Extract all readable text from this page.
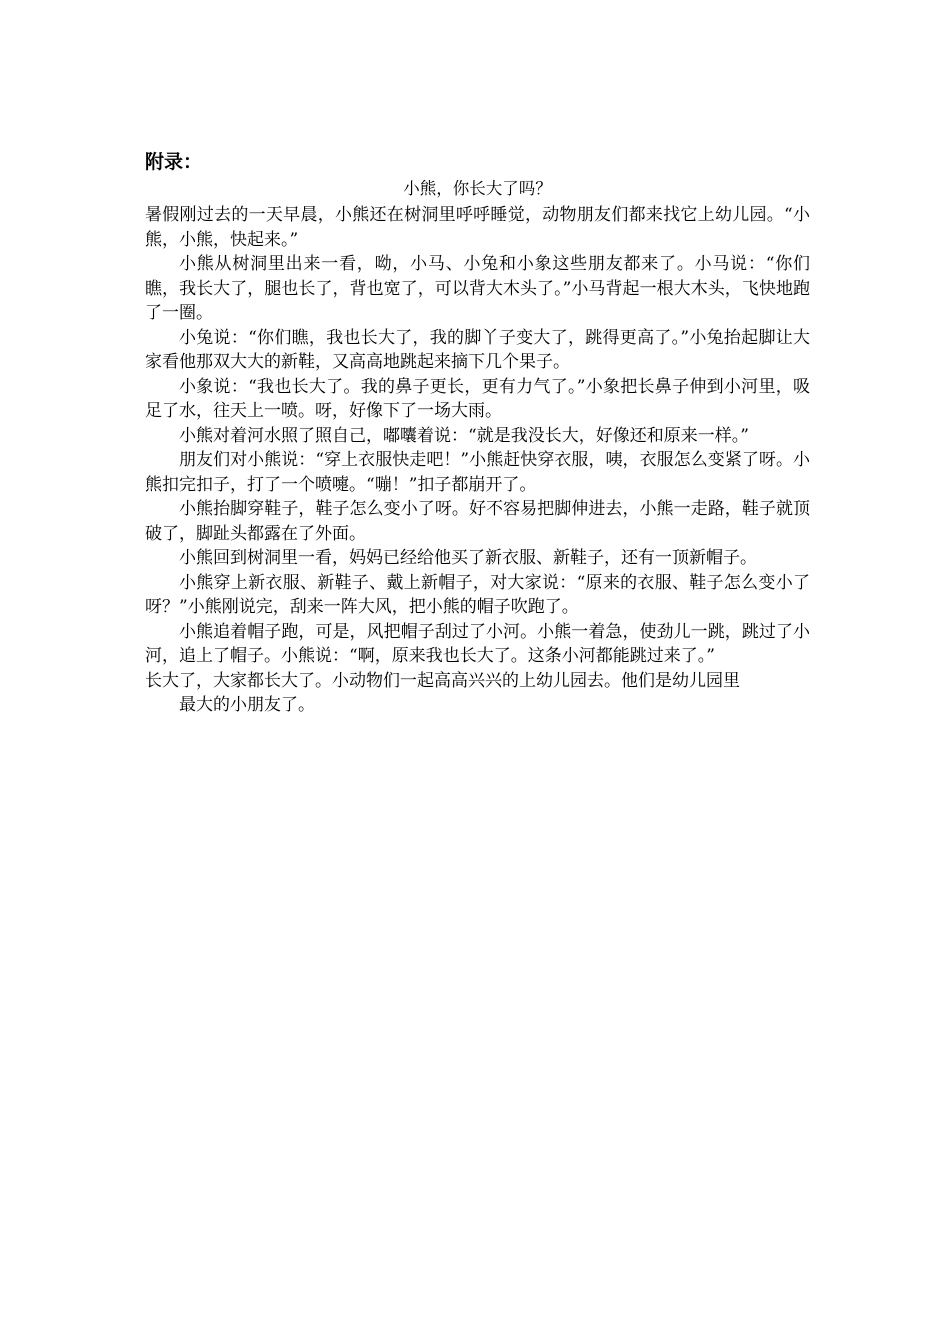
附录：
小熊，你长大了吗？

暑假刚过去的一天早晨，小熊还在树洞里呼呼睡觉，动物朋友们都来找它上幼儿园。“小熊，小熊，快起来。”

小熊从树洞里出来一看，呦，小马、小兔和小象这些朋友都来了。小马说：“你们瞧，我长大了，腿也长了，背也宽了，可以背大木头了。”小马背起一根大木头，飞快地跑了一圈。

小兔说：“你们瞧，我也长大了，我的脚丫子变大了，跳得更高了。”小兔抬起脚让大家看他那双大大的新鞋，又高高地跳起来摘下几个果子。

小象说：“我也长大了。我的鼻子更长，更有力气了。”小象把长鼻子伸到小河里，吸足了水，往天上一喷。呀，好像下了一场大雨。

小熊对着河水照了照自己，嘟囔着说：“就是我没长大，好像还和原来一样。”

朋友们对小熊说：“穿上衣服快走吧！”小熊赶快穿衣服，咦，衣服怎么变紧了呀。小熊扣完扣子，打了一个喷嚏。“嘣！”扣子都崩开了。

小熊抬脚穿鞋子，鞋子怎么变小了呀。好不容易把脚伸进去，小熊一走路，鞋子就顶破了，脚趾头都露在了外面。

小熊回到树洞里一看，妈妈已经给他买了新衣服、新鞋子，还有一顶新帽子。

小熊穿上新衣服、新鞋子、戴上新帽子，对大家说：“原来的衣服、鞋子怎么变小了呀？”小熊刚说完，刮来一阵大风，把小熊的帽子吹跑了。

小熊追着帽子跑，可是，风把帽子刮过了小河。小熊一着急，使劲儿一跳，跳过了小河，追上了帽子。小熊说：“啊，原来我也长大了。这条小河都能跳过来了。”

长大了，大家都长大了。小动物们一起高高兴兴的上幼儿园去。他们是幼儿园里

最大的小朋友了。
